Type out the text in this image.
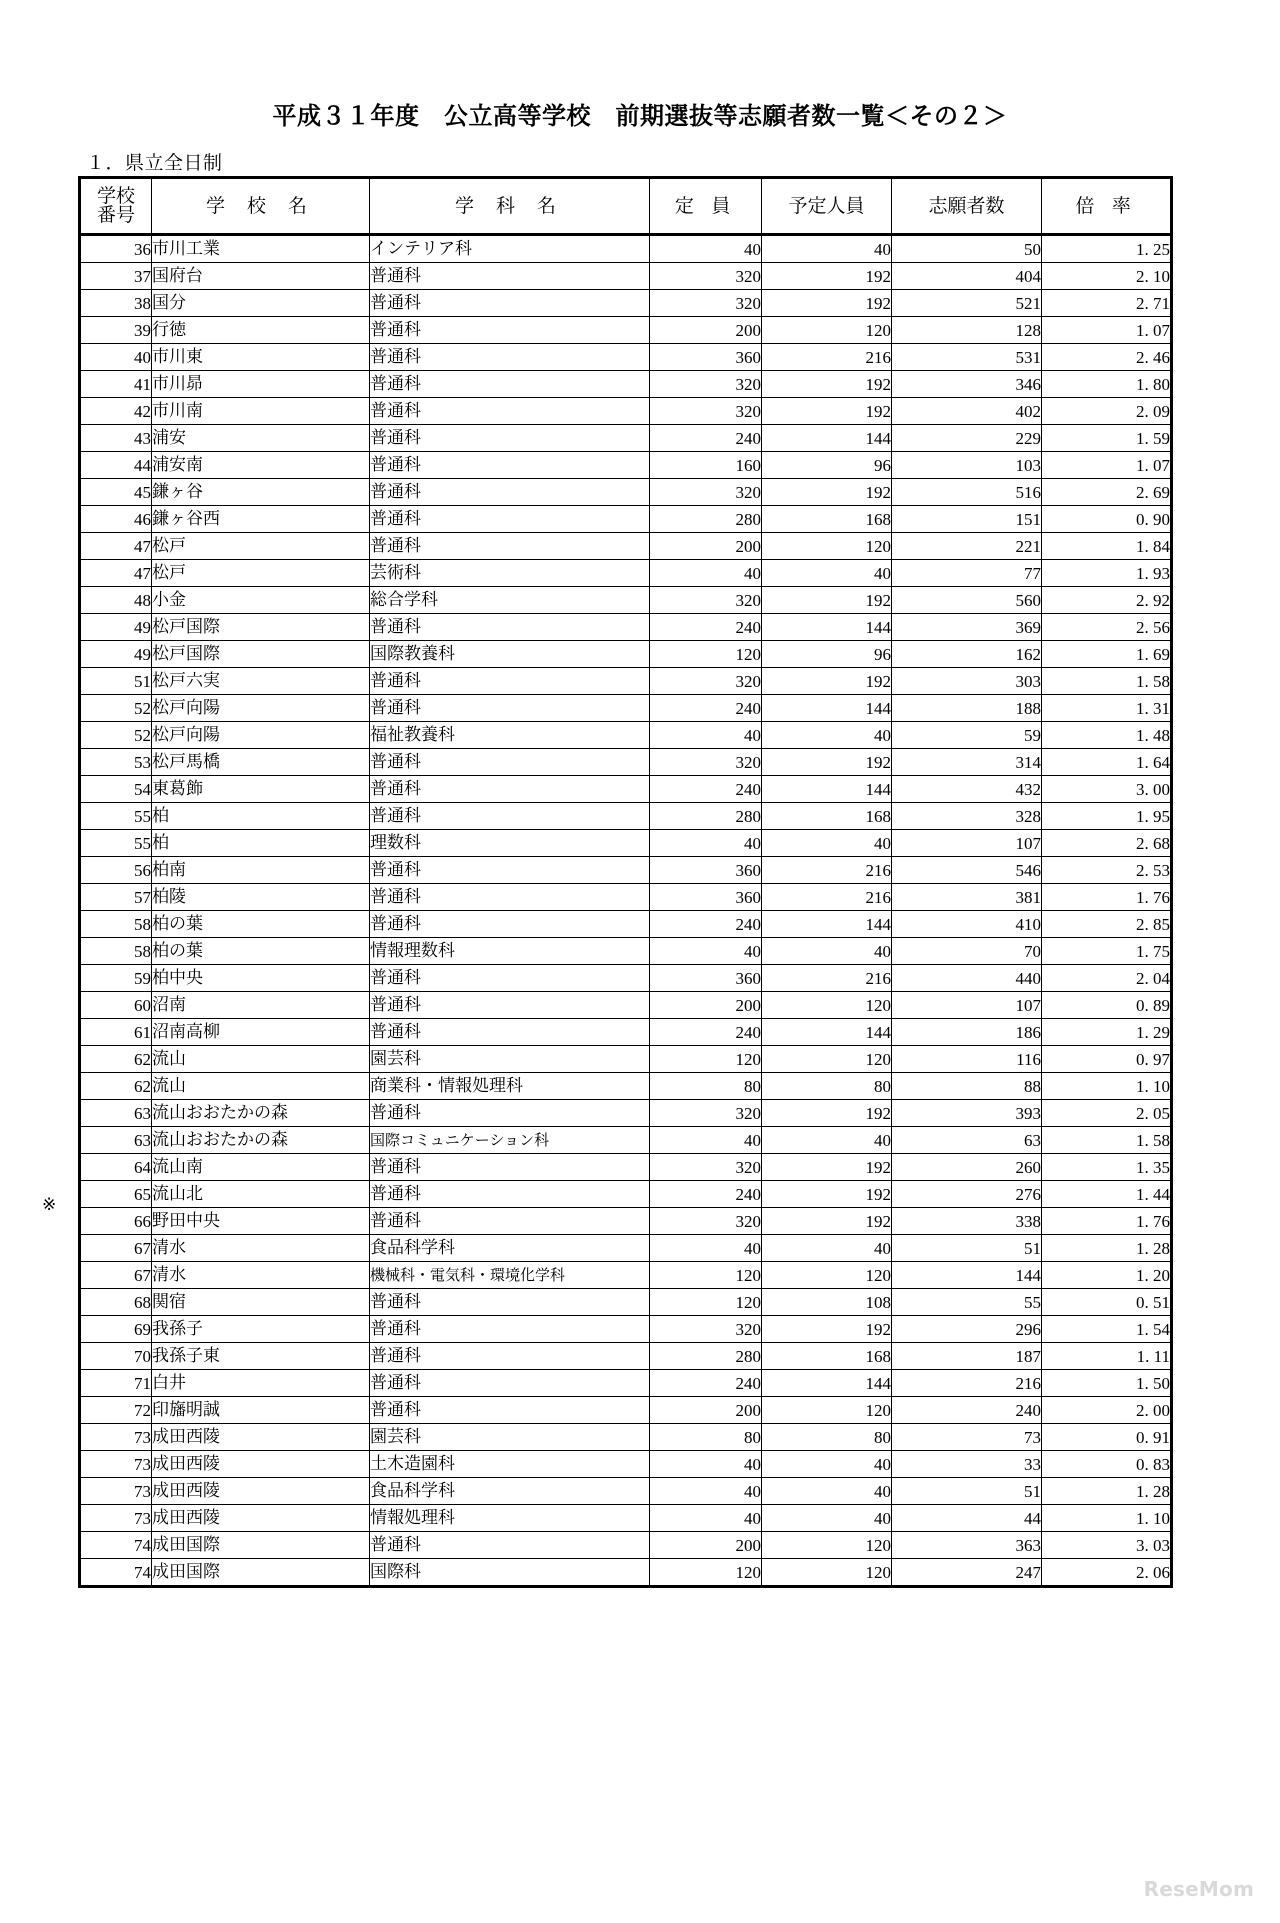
平成３１年度　公立高等学校　前期選抜等志願者数一覧＜その２＞
１．県立全日制
※
学校
番号	学 校 名	学 科 名	定 員	予定人員	志願者数	倍 率
36	市川工業	インテリア科	40	40	50	1. 25
37	国府台	普通科	320	192	404	2. 10
38	国分	普通科	320	192	521	2. 71
39	行徳	普通科	200	120	128	1. 07
40	市川東	普通科	360	216	531	2. 46
41	市川昴	普通科	320	192	346	1. 80
42	市川南	普通科	320	192	402	2. 09
43	浦安	普通科	240	144	229	1. 59
44	浦安南	普通科	160	96	103	1. 07
45	鎌ヶ谷	普通科	320	192	516	2. 69
46	鎌ヶ谷西	普通科	280	168	151	0. 90
47	松戸	普通科	200	120	221	1. 84
47	松戸	芸術科	40	40	77	1. 93
48	小金	総合学科	320	192	560	2. 92
49	松戸国際	普通科	240	144	369	2. 56
49	松戸国際	国際教養科	120	96	162	1. 69
51	松戸六実	普通科	320	192	303	1. 58
52	松戸向陽	普通科	240	144	188	1. 31
52	松戸向陽	福祉教養科	40	40	59	1. 48
53	松戸馬橋	普通科	320	192	314	1. 64
54	東葛飾	普通科	240	144	432	3. 00
55	柏	普通科	280	168	328	1. 95
55	柏	理数科	40	40	107	2. 68
56	柏南	普通科	360	216	546	2. 53
57	柏陵	普通科	360	216	381	1. 76
58	柏の葉	普通科	240	144	410	2. 85
58	柏の葉	情報理数科	40	40	70	1. 75
59	柏中央	普通科	360	216	440	2. 04
60	沼南	普通科	200	120	107	0. 89
61	沼南高柳	普通科	240	144	186	1. 29
62	流山	園芸科	120	120	116	0. 97
62	流山	商業科・情報処理科	80	80	88	1. 10
63	流山おおたかの森	普通科	320	192	393	2. 05
63	流山おおたかの森	国際コミュニケーション科	40	40	63	1. 58
64	流山南	普通科	320	192	260	1. 35
65	流山北	普通科	240	192	276	1. 44
66	野田中央	普通科	320	192	338	1. 76
67	清水	食品科学科	40	40	51	1. 28
67	清水	機械科・電気科・環境化学科	120	120	144	1. 20
68	関宿	普通科	120	108	55	0. 51
69	我孫子	普通科	320	192	296	1. 54
70	我孫子東	普通科	280	168	187	1. 11
71	白井	普通科	240	144	216	1. 50
72	印旛明誠	普通科	200	120	240	2. 00
73	成田西陵	園芸科	80	80	73	0. 91
73	成田西陵	土木造園科	40	40	33	0. 83
73	成田西陵	食品科学科	40	40	51	1. 28
73	成田西陵	情報処理科	40	40	44	1. 10
74	成田国際	普通科	200	120	363	3. 03
74	成田国際	国際科	120	120	247	2. 06
ReseMom
